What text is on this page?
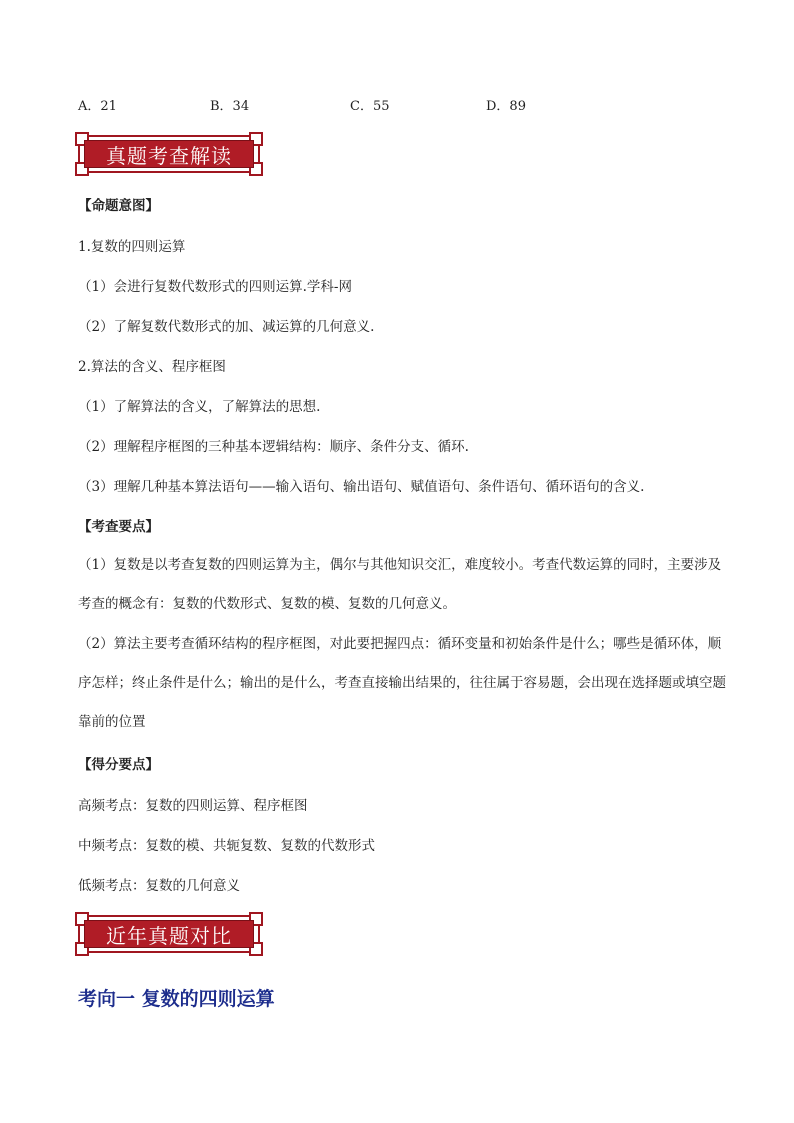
A．21	B．34	C．55	D．89
真题考查解读
【命题意图】
1.复数的四则运算
（1）会进行复数代数形式的四则运算.学科-网
（2）了解复数代数形式的加、减运算的几何意义.
2.算法的含义、程序框图
（1）了解算法的含义，了解算法的思想.
（2）理解程序框图的三种基本逻辑结构：顺序、条件分支、循环.
（3）理解几种基本算法语句——输入语句、输出语句、赋值语句、条件语句、循环语句的含义.
【考查要点】
（1）复数是以考查复数的四则运算为主，偶尔与其他知识交汇，难度较小。考查代数运算的同时，主要涉及考查的概念有：复数的代数形式、复数的模、复数的几何意义。
（2）算法主要考查循环结构的程序框图，对此要把握四点：循环变量和初始条件是什么；哪些是循环体，顺序怎样；终止条件是什么；输出的是什么，考查直接输出结果的，往往属于容易题，会出现在选择题或填空题靠前的位置
【得分要点】
高频考点：复数的四则运算、程序框图
中频考点：复数的模、共轭复数、复数的代数形式
低频考点：复数的几何意义
近年真题对比
考向一 复数的四则运算
